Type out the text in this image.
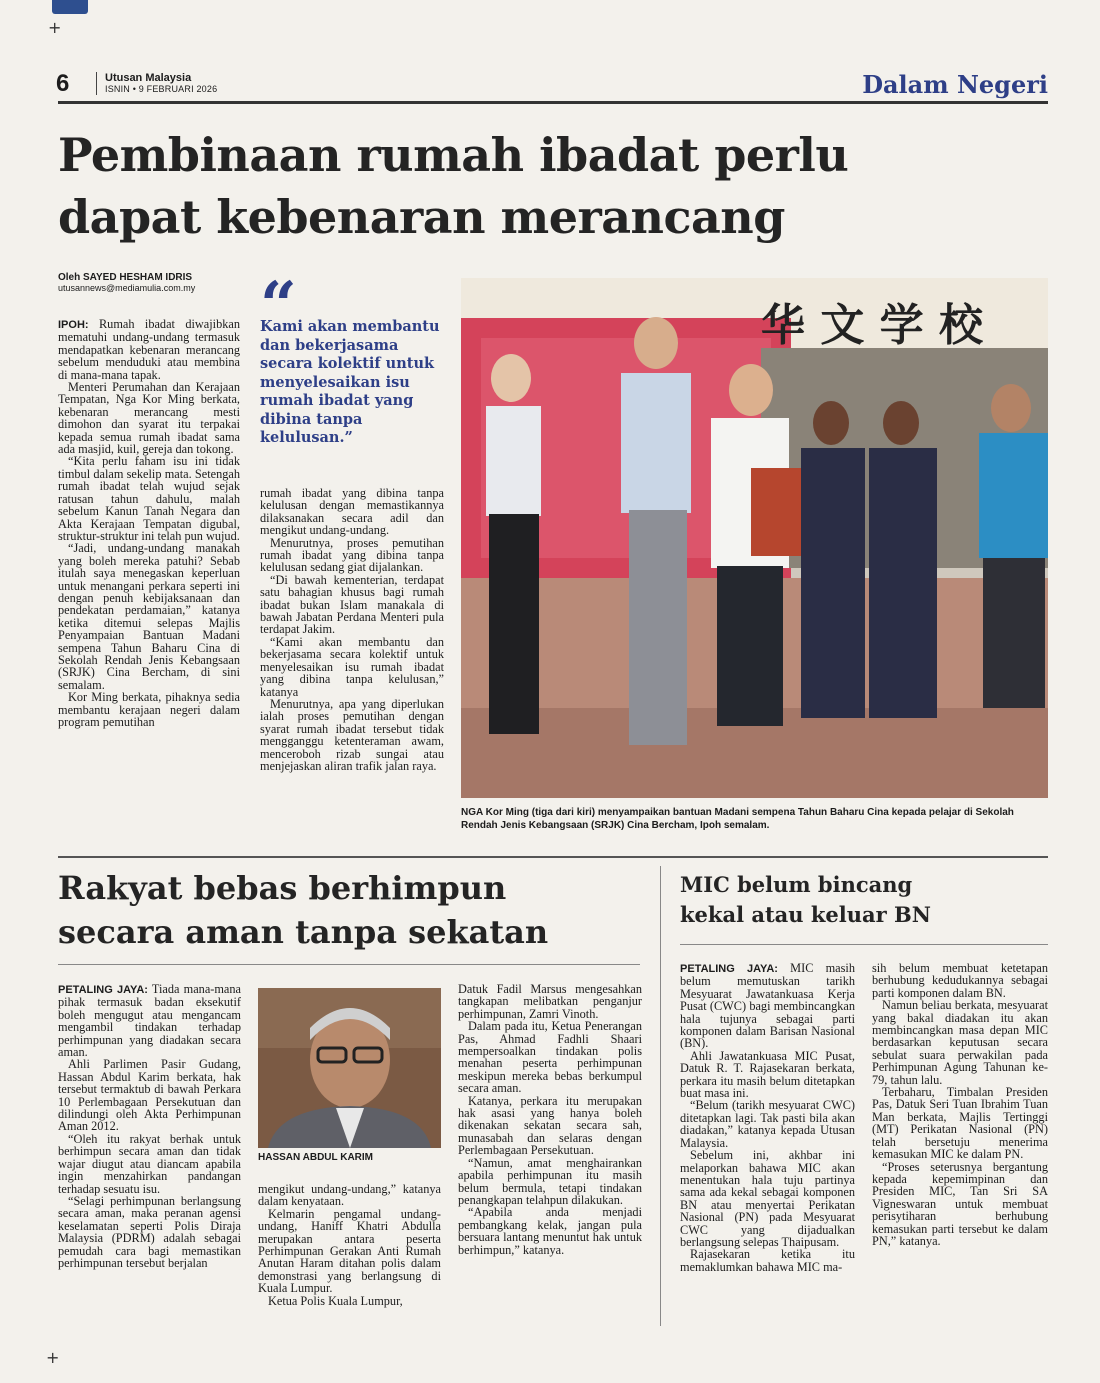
+
+
6	Utusan Malaysia
ISNIN • 9 FEBRUARI 2026	Dalam Negeri
Pembinaan rumah ibadat perlu
dapat kebenaran merancang
Oleh SAYED HESHAM IDRIS
utusannews@mediamulia.com.my

IPOH: Rumah ibadat diwajibkan mematuhi undang-undang termasuk mendapatkan kebenaran merancang sebelum menduduki atau membina di mana-mana tapak.

Menteri Perumahan dan Kerajaan Tempatan, Nga Kor Ming berkata, kebenaran merancang mesti dimohon dan syarat itu terpakai kepada semua rumah ibadat sama ada masjid, kuil, gereja dan tokong.

“Kita perlu faham isu ini tidak timbul dalam sekelip mata. Setengah rumah ibadat telah wujud sejak ratusan tahun dahulu, malah sebelum Kanun Tanah Negara dan Akta Kerajaan Tempatan digubal, struktur-struktur ini telah pun wujud.

“Jadi, undang-undang manakah yang boleh mereka patuhi? Sebab itulah saya menegaskan keperluan untuk menangani perkara seperti ini dengan penuh kebijaksanaan dan pendekatan perdamaian,” katanya ketika ditemui selepas Majlis Penyampaian Bantuan Madani sempena Tahun Baharu Cina di Sekolah Rendah Jenis Kebangsaan (SRJK) Cina Bercham, di sini semalam.

Kor Ming berkata, pihaknya sedia membantu kerajaan negeri dalam program pemutihan

“
Kami akan membantu dan bekerjasama secara kolektif untuk menyelesaikan isu rumah ibadat yang dibina tanpa kelulusan.”

rumah ibadat yang dibina tanpa kelulusan dengan memastikannya dilaksanakan secara adil dan mengikut undang-undang.

Menurutnya, proses pemutihan rumah ibadat yang dibina tanpa kelulusan sedang giat dijalankan.

“Di bawah kementerian, terdapat satu bahagian khusus bagi rumah ibadat bukan Islam manakala di bawah Jabatan Perdana Menteri pula terdapat Jakim.

“Kami akan membantu dan bekerjasama secara kolektif untuk menyelesaikan isu rumah ibadat yang dibina tanpa kelulusan,” katanya

Menurutnya, apa yang diperlukan ialah proses pemutihan dengan syarat rumah ibadat tersebut tidak mengganggu ketenteraman awam, menceroboh rizab sungai atau menjejaskan aliran trafik jalan raya.

华 文 学 校
NGA Kor Ming (tiga dari kiri) menyampaikan bantuan Madani sempena Tahun Baharu Cina kepada pelajar di Sekolah Rendah Jenis Kebangsaan (SRJK) Cina Bercham, Ipoh semalam.
Rakyat bebas berhimpun
secara aman tanpa sekatan

PETALING JAYA: Tiada mana-mana pihak termasuk badan eksekutif boleh mengugut atau mengancam mengambil tindakan terhadap perhimpunan yang diadakan secara aman.

Ahli Parlimen Pasir Gudang, Hassan Abdul Karim berkata, hak tersebut termaktub di bawah Perkara 10 Perlembagaan Persekutuan dan dilindungi oleh Akta Perhimpunan Aman 2012.

“Oleh itu rakyat berhak untuk berhimpun secara aman dan tidak wajar diugut atau diancam apabila ingin menzahirkan pandangan terhadap sesuatu isu.

“Selagi perhimpunan berlangsung secara aman, maka peranan agensi keselamatan seperti Polis Diraja Malaysia (PDRM) adalah sebagai pemudah cara bagi memastikan perhimpunan tersebut berjalan

HASSAN ABDUL KARIM

mengikut undang-undang,” katanya dalam kenyataan.

Kelmarin pengamal undang-undang, Haniff Khatri Abdulla merupakan antara peserta Perhimpunan Gerakan Anti Rumah Anutan Haram ditahan polis dalam demonstrasi yang berlangsung di Kuala Lumpur.

Ketua Polis Kuala Lumpur,

Datuk Fadil Marsus mengesahkan tangkapan melibatkan penganjur perhimpunan, Zamri Vinoth.

Dalam pada itu, Ketua Penerangan Pas, Ahmad Fadhli Shaari mempersoalkan tindakan polis menahan peserta perhimpunan meskipun mereka bebas berkumpul secara aman.

Katanya, perkara itu merupakan hak asasi yang hanya boleh dikenakan sekatan secara sah, munasabah dan selaras dengan Perlembagaan Persekutuan.

“Namun, amat menghairankan apabila perhimpunan itu masih belum bermula, tetapi tindakan penangkapan telahpun dilakukan.

“Apabila anda menjadi pembangkang kelak, jangan pula bersuara lantang menuntut hak untuk berhimpun,” katanya.

MIC belum bincang
kekal atau keluar BN

PETALING JAYA: MIC masih belum memutuskan tarikh Mesyuarat Jawatankuasa Kerja Pusat (CWC) bagi membincangkan hala tujunya sebagai parti komponen dalam Barisan Nasional (BN).

Ahli Jawatankuasa MIC Pusat, Datuk R. T. Rajasekaran berkata, perkara itu masih belum ditetapkan buat masa ini.

“Belum (tarikh mesyuarat CWC) ditetapkan lagi. Tak pasti bila akan diadakan,” katanya kepada Utusan Malaysia.

Sebelum ini, akhbar ini melaporkan bahawa MIC akan menentukan hala tuju partinya sama ada kekal sebagai komponen BN atau menyertai Perikatan Nasional (PN) pada Mesyuarat CWC yang dijadualkan berlangsung selepas Thaipusam.

Rajasekaran ketika itu memaklumkan bahawa MIC ma-

sih belum membuat ketetapan berhubung kedudukannya sebagai parti komponen dalam BN.

Namun beliau berkata, mesyuarat yang bakal diadakan itu akan membincangkan masa depan MIC berdasarkan keputusan secara sebulat suara perwakilan pada Perhimpunan Agung Tahunan ke-79, tahun lalu.

Terbaharu, Timbalan Presiden Pas, Datuk Seri Tuan Ibrahim Tuan Man berkata, Majlis Tertinggi (MT) Perikatan Nasional (PN) telah bersetuju menerima kemasukan MIC ke dalam PN.

“Proses seterusnya bergantung kepada kepemimpinan dan Presiden MIC, Tan Sri SA Vigneswaran untuk membuat perisytiharan berhubung kemasukan parti tersebut ke dalam PN,” katanya.
